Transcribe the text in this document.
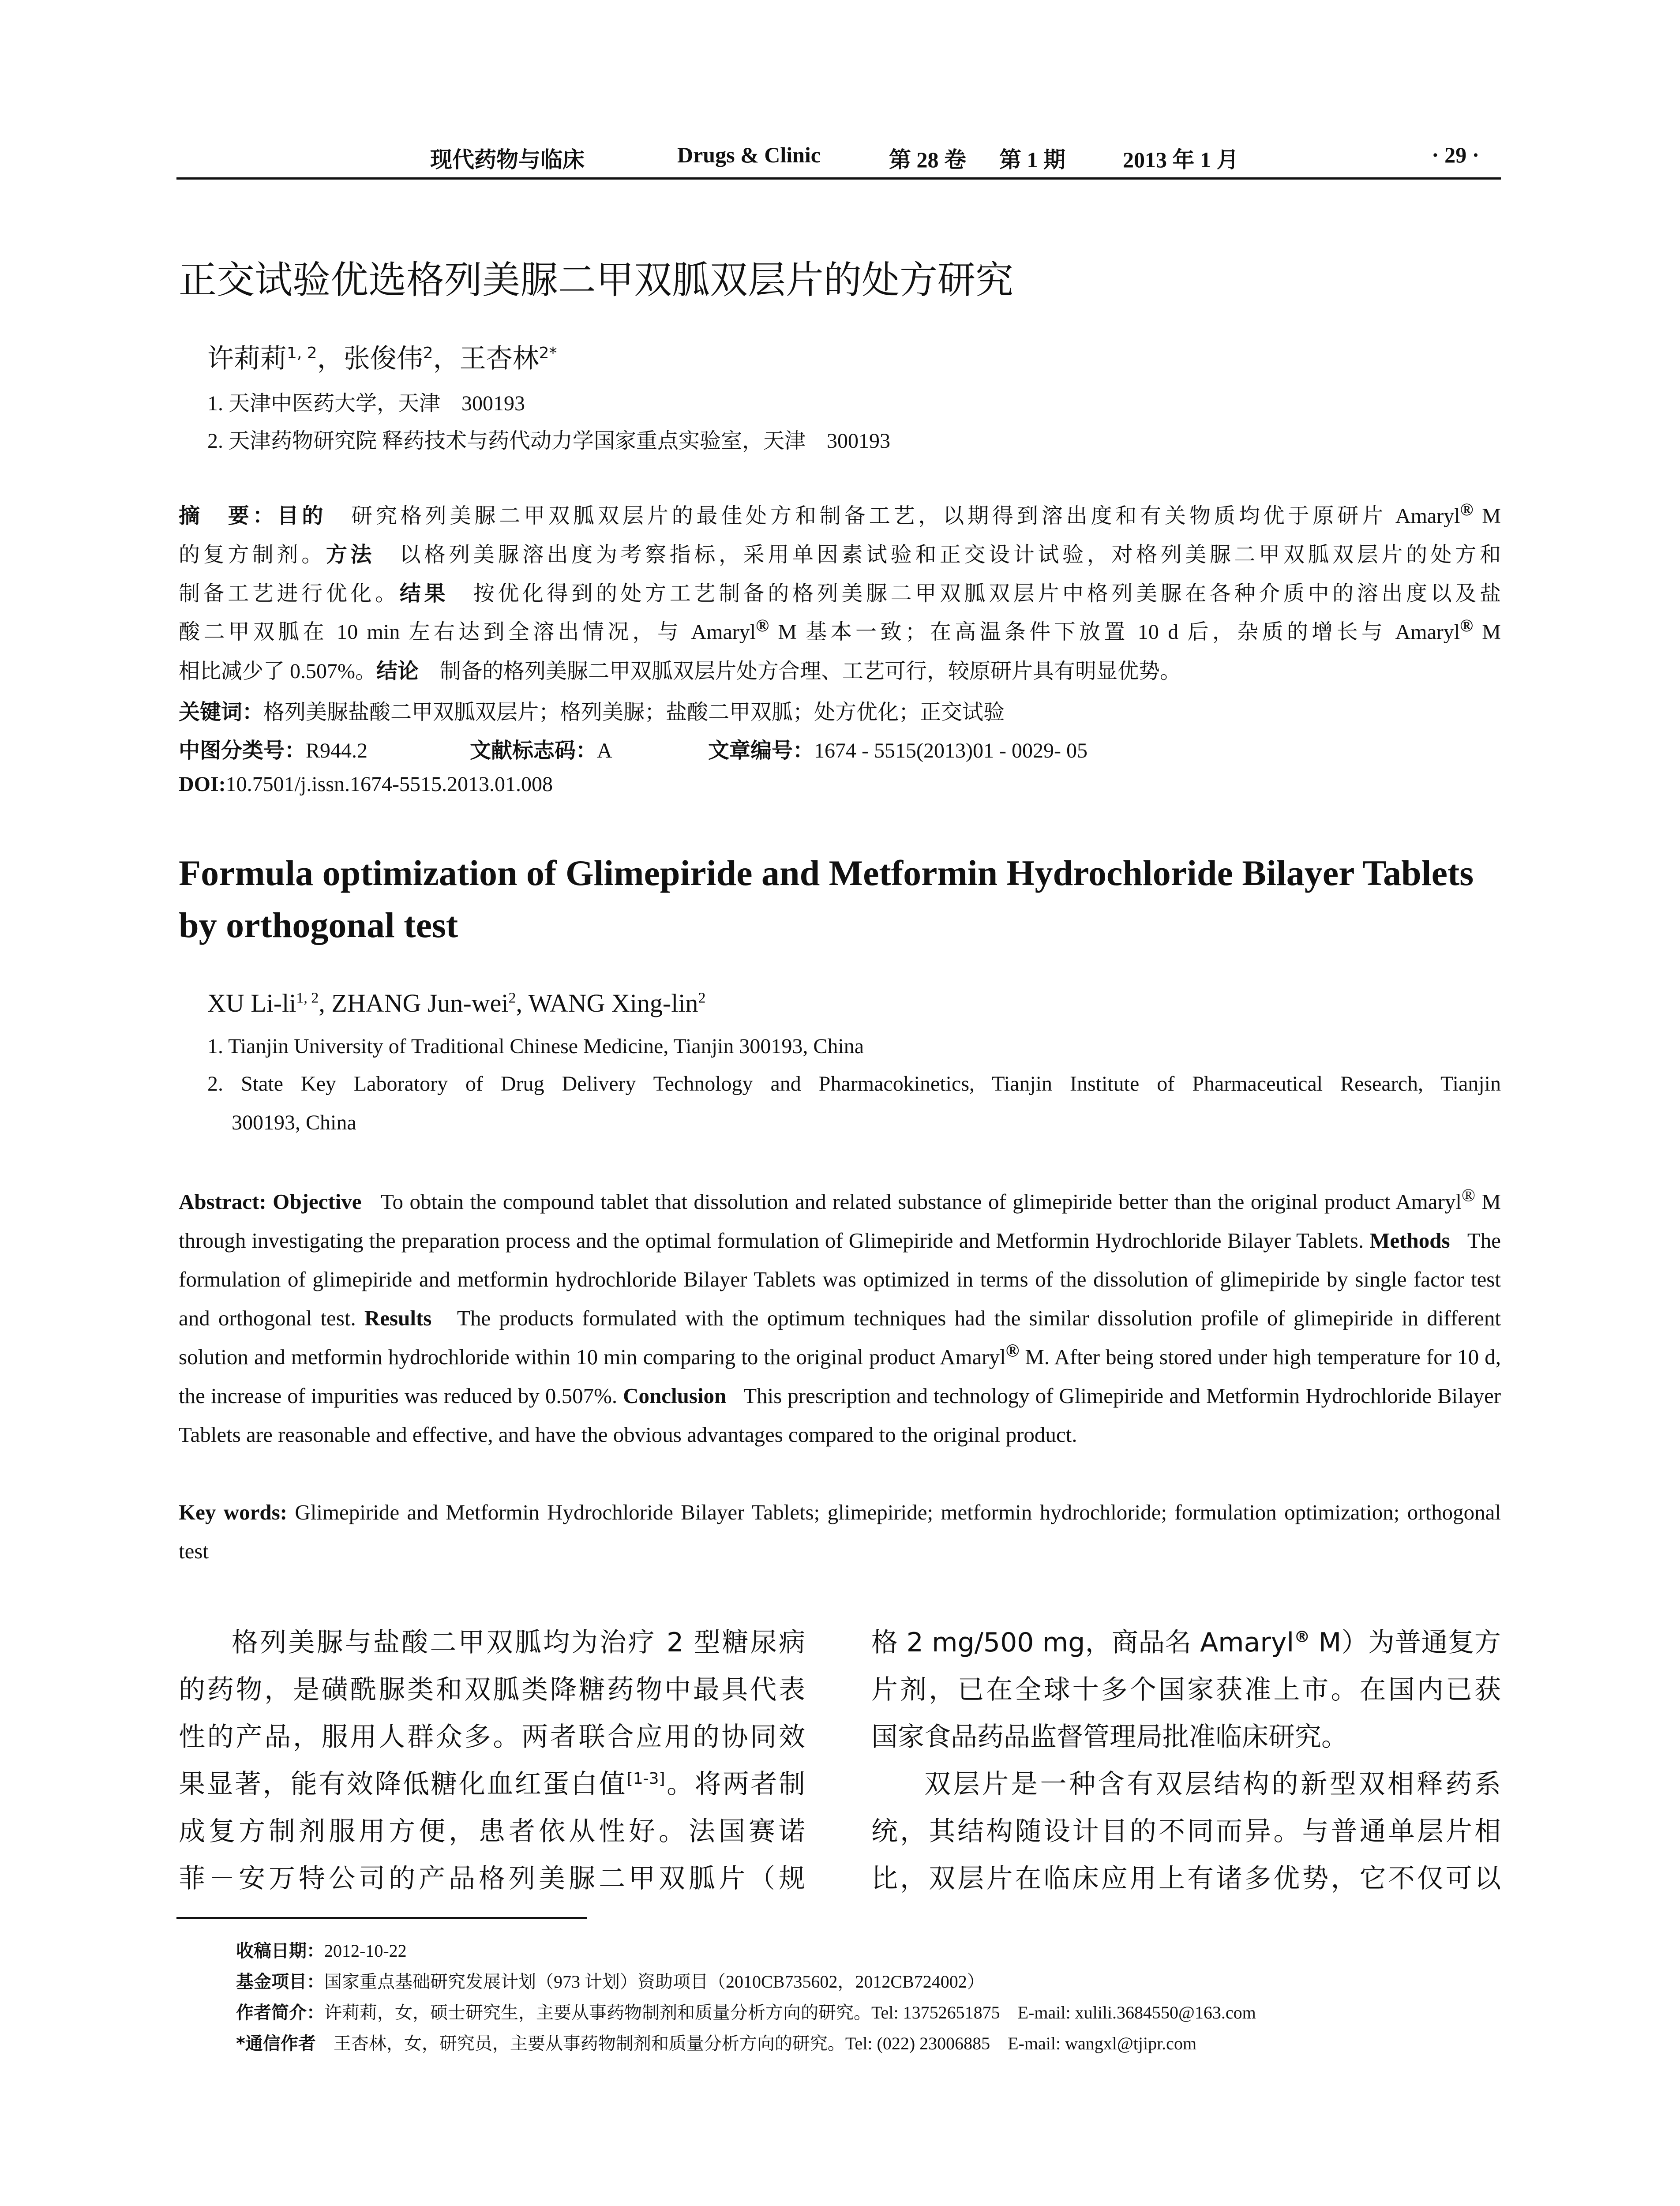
现代药物与临床	Drugs & Clinic	第 28 卷 第 1 期	2013 年 1 月	· 29 ·
正交试验优选格列美脲二甲双胍双层片的处方研究
许莉莉$^{1, 2}$，张俊伟$^2$，王杏林$^{2*}$
1. 天津中医药大学，天津　300193
2. 天津药物研究院 释药技术与药代动力学国家重点实验室，天津　300193
摘　要：目的　 研究格列美脲二甲双胍双层片的最佳处方和制备工艺，以期得到溶出度和有关物质均优于原研片 Amaryl® M
的复方制剂。方法　 以格列美脲溶出度为考察指标，采用单因素试验和正交设计试验，对格列美脲二甲双胍双层片的处方和
制备工艺进行优化。结果　 按优化得到的处方工艺制备的格列美脲二甲双胍双层片中格列美脲在各种介质中的溶出度以及盐
酸二甲双胍在 10 min 左右达到全溶出情况，与 Amaryl® M 基本一致；在高温条件下放置 10 d 后，杂质的增长与 Amaryl® M
相比减少了 0.507%。结论　 制备的格列美脲二甲双胍双层片处方合理、工艺可行，较原研片具有明显优势。
关键词：格列美脲盐酸二甲双胍双层片；格列美脲；盐酸二甲双胍；处方优化；正交试验
中图分类号：R944.2	文献标志码：A	文章编号：1674 - 5515(2013)01 - 0029- 05
DOI:10.7501/j.issn.1674-5515.2013.01.008
Formula optimization of Glimepiride and Metformin Hydrochloride Bilayer Tablets by orthogonal test
XU Li-li$^{1, 2}$, ZHANG Jun-wei$^2$, WANG Xing-lin$^2$
1. Tianjin University of Traditional Chinese Medicine, Tianjin 300193, China
2. State Key Laboratory of Drug Delivery Technology and Pharmacokinetics, Tianjin Institute of Pharmaceutical Research, Tianjin
300193, China
Abstract: Objective To obtain the compound tablet that dissolution and related substance of glimepiride better than the original product Amaryl® M through investigating the preparation process and the optimal formulation of Glimepiride and Metformin Hydrochloride Bilayer Tablets. Methods The formulation of glimepiride and metformin hydrochloride Bilayer Tablets was optimized in terms of the dissolution of glimepiride by single factor test and orthogonal test. Results The products formulated with the optimum techniques had the similar dissolution profile of glimepiride in different solution and metformin hydrochloride within 10 min comparing to the original product Amaryl® M. After being stored under high temperature for 10 d, the increase of impurities was reduced by 0.507%. Conclusion This prescription and technology of Glimepiride and Metformin Hydrochloride Bilayer Tablets are reasonable and effective, and have the obvious advantages compared to the original product.
Key words: Glimepiride and Metformin Hydrochloride Bilayer Tablets; glimepiride; metformin hydrochloride; formulation optimization; orthogonal test
格列美脲与盐酸二甲双胍均为治疗 2 型糖尿病
的药物，是磺酰脲类和双胍类降糖药物中最具代表
性的产品，服用人群众多。两者联合应用的协同效
果显著，能有效降低糖化血红蛋白值[1-3]。将两者制
成复方制剂服用方便，患者依从性好。法国赛诺
菲－安万特公司的产品格列美脲二甲双胍片（规
格 2 mg/500 mg，商品名 Amaryl® M）为普通复方
片剂，已在全球十多个国家获准上市。在国内已获
国家食品药品监督管理局批准临床研究。
双层片是一种含有双层结构的新型双相释药系
统，其结构随设计目的不同而异。与普通单层片相
比，双层片在临床应用上有诸多优势，它不仅可以
收稿日期：2012-10-22
基金项目：国家重点基础研究发展计划（973 计划）资助项目（2010CB735602，2012CB724002）
作者简介：许莉莉，女，硕士研究生，主要从事药物制剂和质量分析方向的研究。Tel: 13752651875　E-mail: xulili.3684550@163.com
*通信作者　 王杏林，女，研究员，主要从事药物制剂和质量分析方向的研究。Tel: (022) 23006885　E-mail: wangxl@tjipr.com
